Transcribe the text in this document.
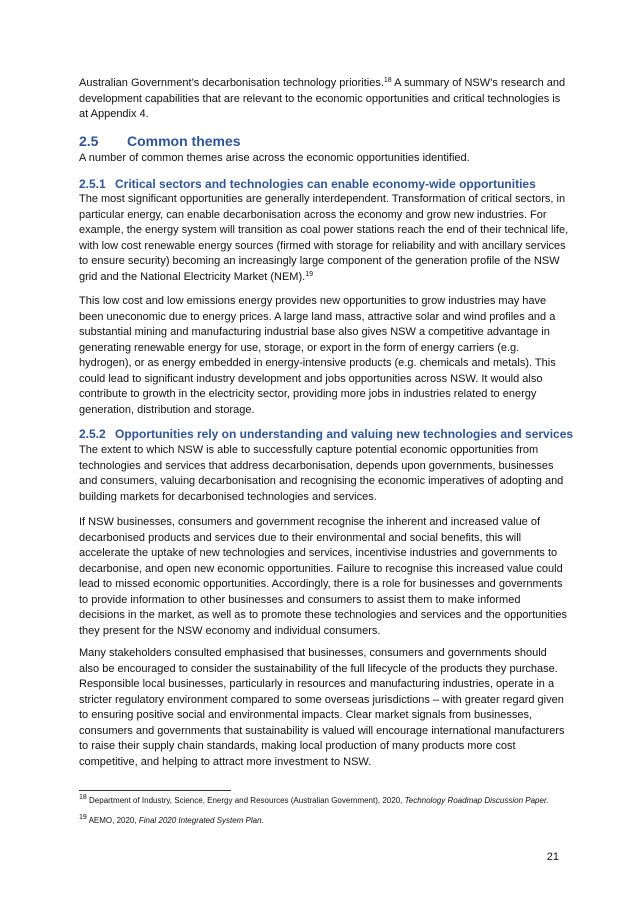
Australian Government’s decarbonisation technology priorities.$^{18}$ A summary of NSW’s research and development capabilities that are relevant to the economic opportunities and critical technologies is at Appendix 4.

2.5 Common themes

A number of common themes arise across the economic opportunities identified.

2.5.1 Critical sectors and technologies can enable economy-wide opportunities

The most significant opportunities are generally interdependent. Transformation of critical sectors, in particular energy, can enable decarbonisation across the economy and grow new industries. For example, the energy system will transition as coal power stations reach the end of their technical life, with low cost renewable energy sources (firmed with storage for reliability and with ancillary services to ensure security) becoming an increasingly large component of the generation profile of the NSW grid and the National Electricity Market (NEM).$^{19}$

This low cost and low emissions energy provides new opportunities to grow industries may have been uneconomic due to energy prices. A large land mass, attractive solar and wind profiles and a substantial mining and manufacturing industrial base also gives NSW a competitive advantage in generating renewable energy for use, storage, or export in the form of energy carriers (e.g. hydrogen), or as energy embedded in energy-intensive products (e.g. chemicals and metals). This could lead to significant industry development and jobs opportunities across NSW. It would also contribute to growth in the electricity sector, providing more jobs in industries related to energy generation, distribution and storage.

2.5.2 Opportunities rely on understanding and valuing new technologies and services

The extent to which NSW is able to successfully capture potential economic opportunities from technologies and services that address decarbonisation, depends upon governments, businesses and consumers, valuing decarbonisation and recognising the economic imperatives of adopting and building markets for decarbonised technologies and services.

If NSW businesses, consumers and government recognise the inherent and increased value of decarbonised products and services due to their environmental and social benefits, this will accelerate the uptake of new technologies and services, incentivise industries and governments to decarbonise, and open new economic opportunities. Failure to recognise this increased value could lead to missed economic opportunities. Accordingly, there is a role for businesses and governments to provide information to other businesses and consumers to assist them to make informed decisions in the market, as well as to promote these technologies and services and the opportunities they present for the NSW economy and individual consumers.

Many stakeholders consulted emphasised that businesses, consumers and governments should also be encouraged to consider the sustainability of the full lifecycle of the products they purchase. Responsible local businesses, particularly in resources and manufacturing industries, operate in a stricter regulatory environment compared to some overseas jurisdictions – with greater regard given to ensuring positive social and environmental impacts. Clear market signals from businesses, consumers and governments that sustainability is valued will encourage international manufacturers to raise their supply chain standards, making local production of many products more cost competitive, and helping to attract more investment to NSW.

$^{18}$ Department of Industry, Science, Energy and Resources (Australian Government), 2020, Technology Roadmap Discussion Paper.

$^{19}$ AEMO, 2020, Final 2020 Integrated System Plan.

21
